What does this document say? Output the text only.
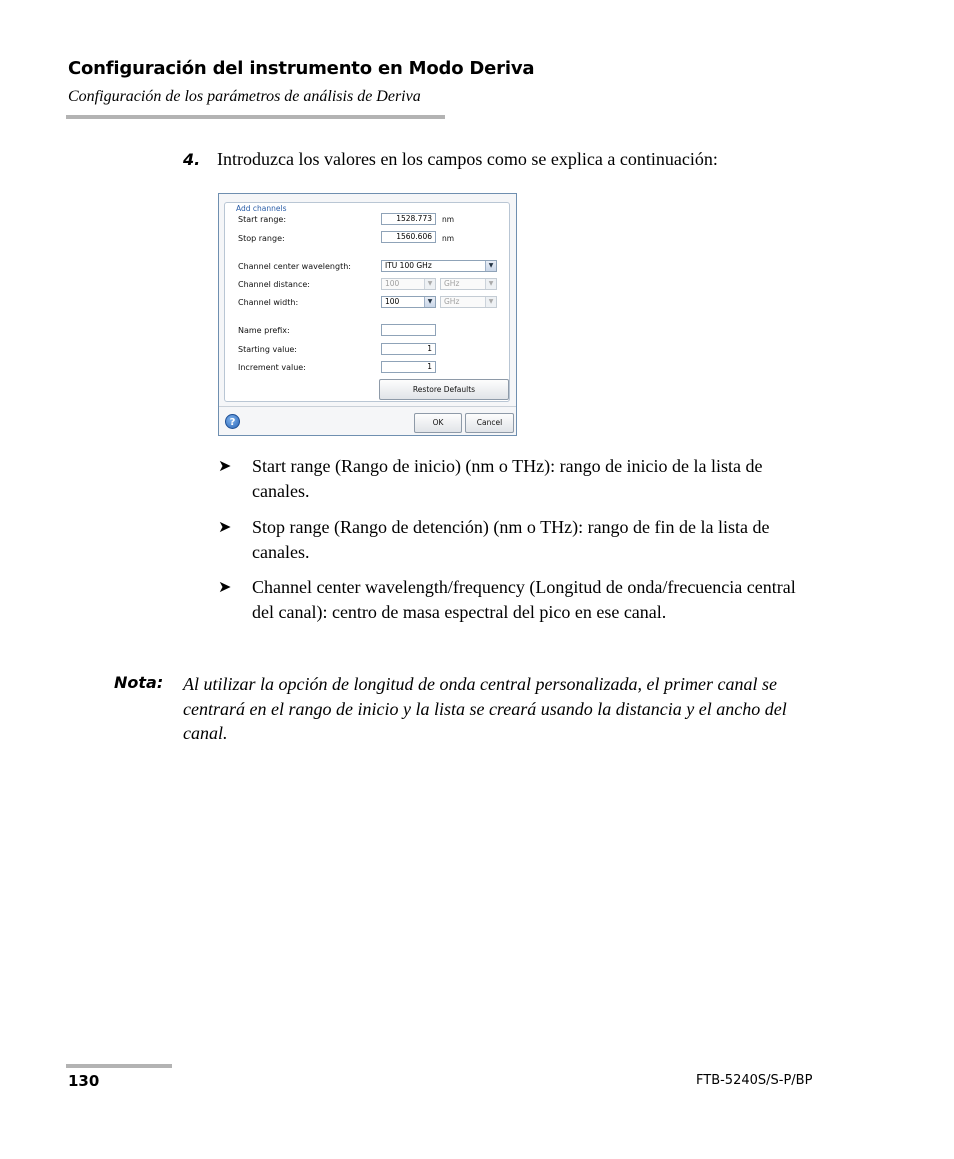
Configuración del instrumento en Modo Deriva
Configuración de los parámetros de análisis de Deriva
4. Introduzca los valores en los campos como se explica a continuación:
Add channels
Start range:	1528.773	nm
Stop range:	1560.606	nm
Channel center wavelength:	ITU 100 GHz	▼
Channel distance:	100	▼	GHz	▼
Channel width:	100	▼	GHz	▼
Name prefix:
Starting value:	1
Increment value:	1
Restore Defaults
?	OK	Cancel
➤ Start range (Rango de inicio) (nm o THz): rango de inicio de la lista de canales.
➤ Stop range (Rango de detención) (nm o THz): rango de fin de la lista de canales.
➤ Channel center wavelength/frequency (Longitud de onda/frecuencia central del canal): centro de masa espectral del pico en ese canal.
Nota: Al utilizar la opción de longitud de onda central personalizada, el primer canal se centrará en el rango de inicio y la lista se creará usando la distancia y el ancho del canal.
130	FTB-5240S/S-P/BP
